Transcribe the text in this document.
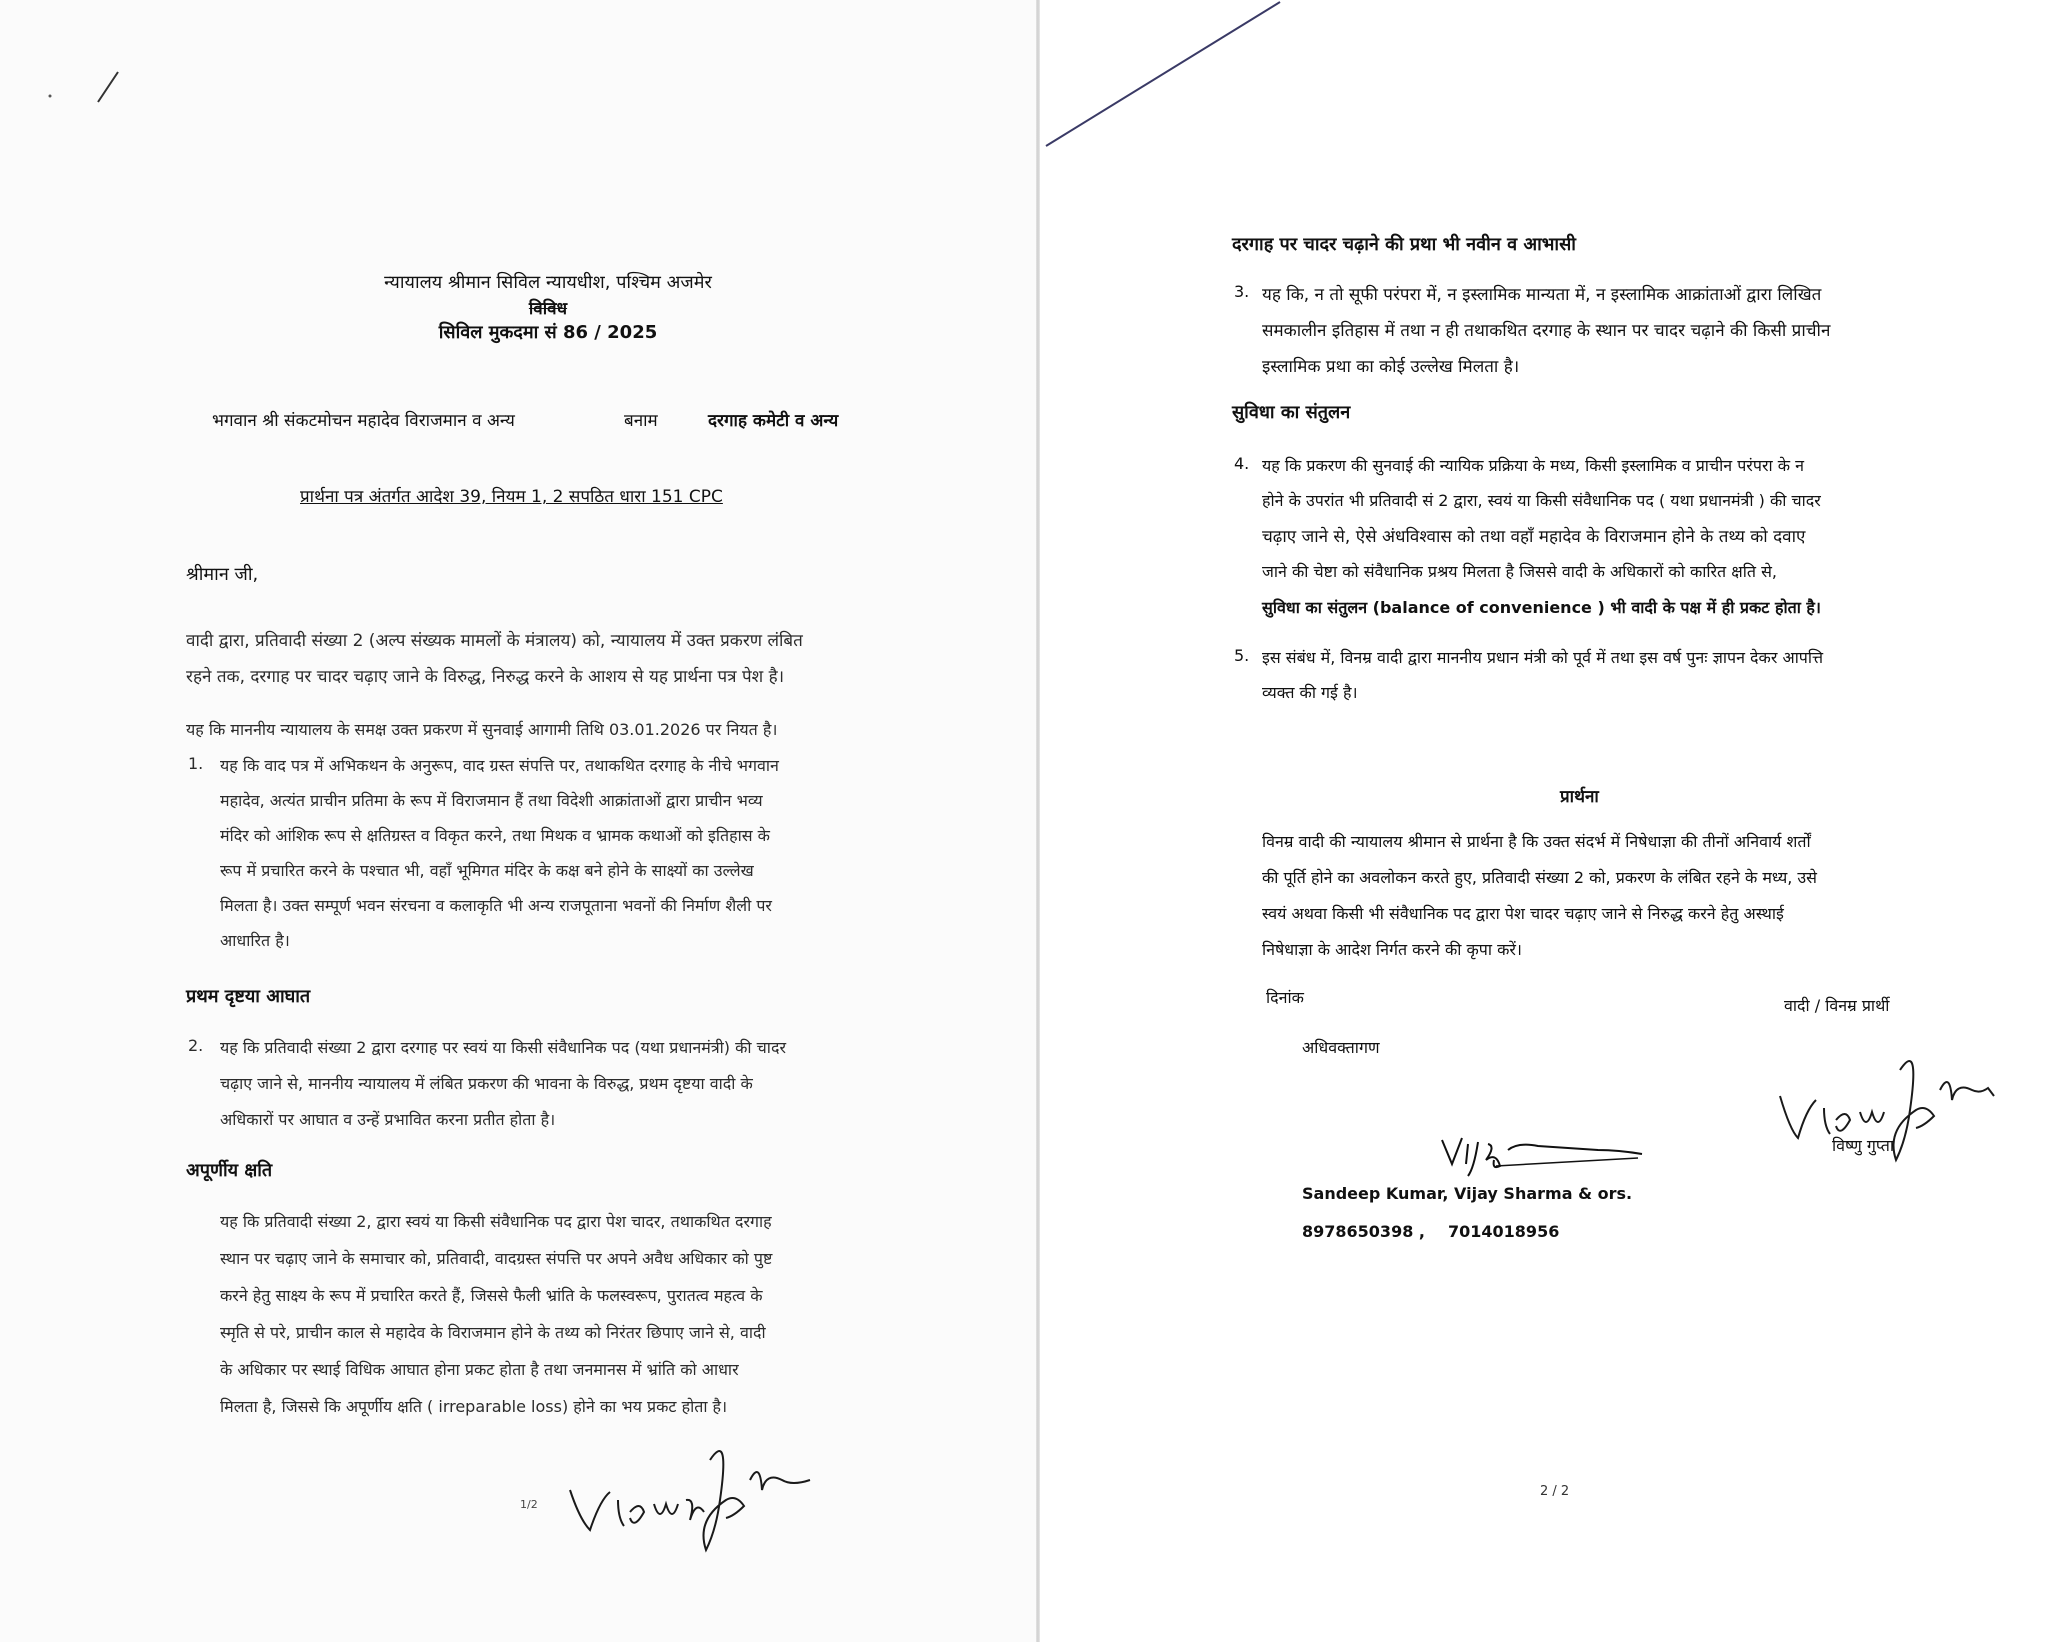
न्यायालय श्रीमान सिविल न्यायधीश, पश्चिम अजमेर
विविध
सिविल मुकदमा सं 86 / 2025
भगवान श्री संकटमोचन महादेव विराजमान व अन्य	बनाम	दरगाह कमेटी व अन्य
प्रार्थना पत्र अंतर्गत आदेश 39, नियम 1, 2 सपठित धारा 151 CPC
श्रीमान जी,
वादी द्वारा, प्रतिवादी संख्या 2 (अल्प संख्यक मामलों के मंत्रालय) को, न्यायालय में उक्त प्रकरण लंबित
रहने तक, दरगाह पर चादर चढ़ाए जाने के विरुद्ध, निरुद्ध करने के आशय से यह प्रार्थना पत्र पेश है।
यह कि माननीय न्यायालय के समक्ष उक्त प्रकरण में सुनवाई आगामी तिथि 03.01.2026 पर नियत है।
1. यह कि वाद पत्र में अभिकथन के अनुरूप, वाद ग्रस्त संपत्ति पर, तथाकथित दरगाह के नीचे भगवान
महादेव, अत्यंत प्राचीन प्रतिमा के रूप में विराजमान हैं तथा विदेशी आक्रांताओं द्वारा प्राचीन भव्य
मंदिर को आंशिक रूप से क्षतिग्रस्त व विकृत करने, तथा मिथक व भ्रामक कथाओं को इतिहास के
रूप में प्रचारित करने के पश्चात भी, वहाँ भूमिगत मंदिर के कक्ष बने होने के साक्ष्यों का उल्लेख
मिलता है। उक्त सम्पूर्ण भवन संरचना व कलाकृति भी अन्य राजपूताना भवनों की निर्माण शैली पर
आधारित है।
प्रथम दृष्टया आघात
2. यह कि प्रतिवादी संख्या 2 द्वारा दरगाह पर स्वयं या किसी संवैधानिक पद (यथा प्रधानमंत्री) की चादर
चढ़ाए जाने से, माननीय न्यायालय में लंबित प्रकरण की भावना के विरुद्ध, प्रथम दृष्टया वादी के
अधिकारों पर आघात व उन्हें प्रभावित करना प्रतीत होता है।
अपूर्णीय क्षति
यह कि प्रतिवादी संख्या 2, द्वारा स्वयं या किसी संवैधानिक पद द्वारा पेश चादर, तथाकथित दरगाह
स्थान पर चढ़ाए जाने के समाचार को, प्रतिवादी, वादग्रस्त संपत्ति पर अपने अवैध अधिकार को पुष्ट
करने हेतु साक्ष्य के रूप में प्रचारित करते हैं, जिससे फैली भ्रांति के फलस्वरूप, पुरातत्व महत्व के
स्मृति से परे, प्राचीन काल से महादेव के विराजमान होने के तथ्य को निरंतर छिपाए जाने से, वादी
के अधिकार पर स्थाई विधिक आघात होना प्रकट होता है तथा जनमानस में भ्रांति को आधार
मिलता है, जिससे कि अपूर्णीय क्षति ( irreparable loss) होने का भय प्रकट होता है।
1/2
दरगाह पर चादर चढ़ाने की प्रथा भी नवीन व आभासी
3. यह कि, न तो सूफी परंपरा में, न इस्लामिक मान्यता में, न इस्लामिक आक्रांताओं द्वारा लिखित
समकालीन इतिहास में तथा न ही तथाकथित दरगाह के स्थान पर चादर चढ़ाने की किसी प्राचीन
इस्लामिक प्रथा का कोई उल्लेख मिलता है।
सुविधा का संतुलन
4. यह कि प्रकरण की सुनवाई की न्यायिक प्रक्रिया के मध्य, किसी इस्लामिक व प्राचीन परंपरा के न
होने के उपरांत भी प्रतिवादी सं 2 द्वारा, स्वयं या किसी संवैधानिक पद ( यथा प्रधानमंत्री ) की चादर
चढ़ाए जाने से, ऐसे अंधविश्वास को तथा वहाँ महादेव के विराजमान होने के तथ्य को दवाए
जाने की चेष्टा को संवैधानिक प्रश्रय मिलता है जिससे वादी के अधिकारों को कारित क्षति से,
सुविधा का संतुलन (balance of convenience ) भी वादी के पक्ष में ही प्रकट होता है।
5. इस संबंध में, विनम्र वादी द्वारा माननीय प्रधान मंत्री को पूर्व में तथा इस वर्ष पुनः ज्ञापन देकर आपत्ति
व्यक्त की गई है।
प्रार्थना
विनम्र वादी की न्यायालय श्रीमान से प्रार्थना है कि उक्त संदर्भ में निषेधाज्ञा की तीनों अनिवार्य शर्तों
की पूर्ति होने का अवलोकन करते हुए, प्रतिवादी संख्या 2 को, प्रकरण के लंबित रहने के मध्य, उसे
स्वयं अथवा किसी भी संवैधानिक पद द्वारा पेश चादर चढ़ाए जाने से निरुद्ध करने हेतु अस्थाई
निषेधाज्ञा के आदेश निर्गत करने की कृपा करें।
दिनांक	वादी / विनम्र प्रार्थी
अधिवक्तागण
विष्णु गुप्ता
Sandeep Kumar, Vijay Sharma & ors.
8978650398 , 7014018956
2 / 2
